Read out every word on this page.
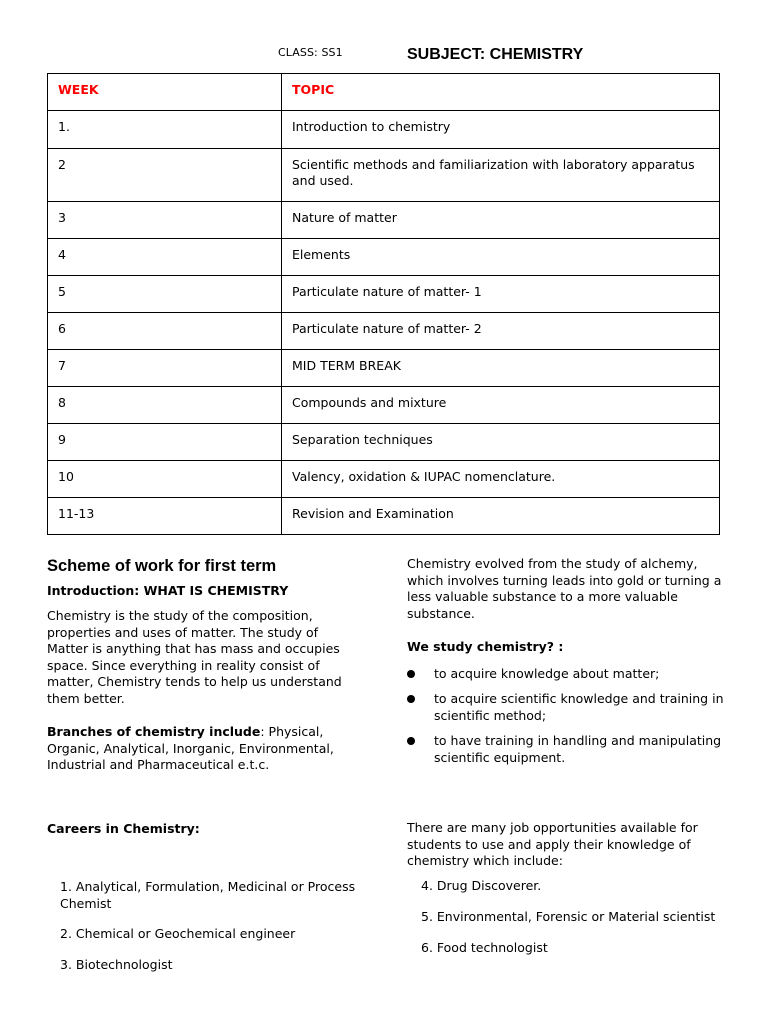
CLASS: SS1	SUBJECT: CHEMISTRY
WEEK	TOPIC
1.	Introduction to chemistry
2	Scientific methods and familiarization with laboratory apparatus and used.
3	Nature of matter
4	Elements
5	Particulate nature of matter- 1
6	Particulate nature of matter- 2
7	MID TERM BREAK
8	Compounds and mixture
9	Separation techniques
10	Valency, oxidation & IUPAC nomenclature.
11-13	Revision and Examination
Scheme of work for first term
Introduction: WHAT IS CHEMISTRY
Chemistry is the study of the composition, properties and uses of matter. The study of Matter is anything that has mass and occupies space. Since everything in reality consist of matter, Chemistry tends to help us understand them better.
Branches of chemistry include: Physical, Organic, Analytical, Inorganic, Environmental, Industrial and Pharmaceutical e.t.c.
Careers in Chemistry:
1. Analytical, Formulation, Medicinal or Process Chemist
2. Chemical or Geochemical engineer
3. Biotechnologist
Chemistry evolved from the study of alchemy, which involves turning leads into gold or turning a less valuable substance to a more valuable substance.
We study chemistry? :
to acquire knowledge about matter;
to acquire scientific knowledge and training in scientific method;
to have training in handling and manipulating scientific equipment.
There are many job opportunities available for students to use and apply their knowledge of chemistry which include:
4. Drug Discoverer.
5. Environmental, Forensic or Material scientist
6. Food technologist
